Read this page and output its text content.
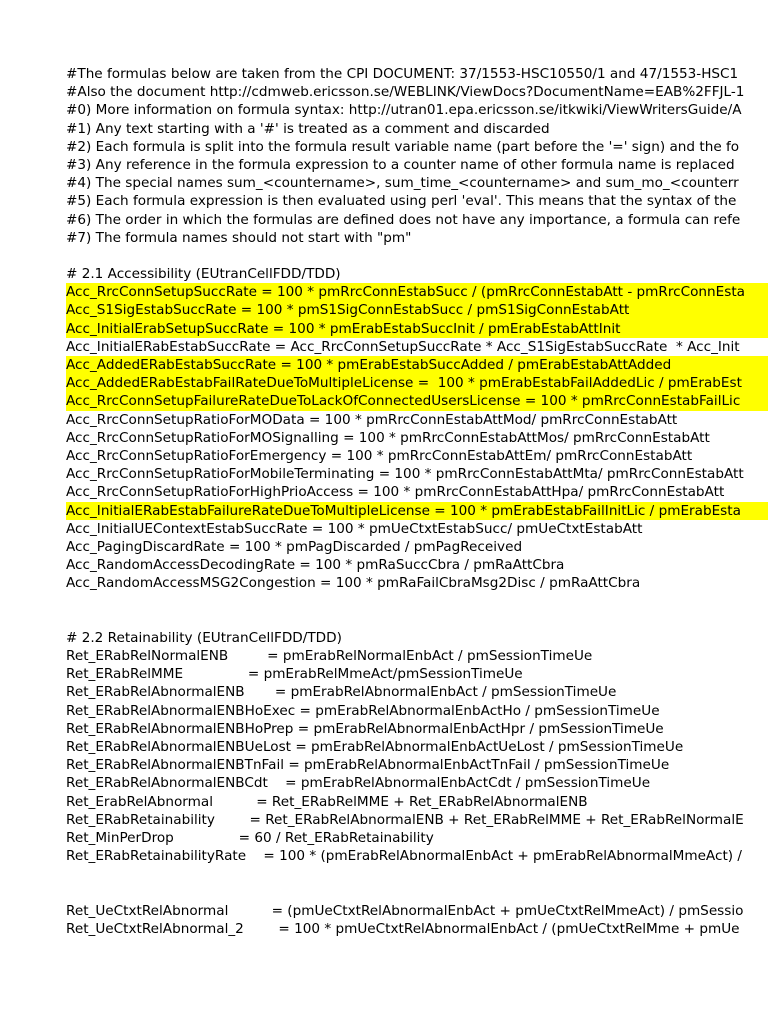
#The formulas below are taken from the CPI DOCUMENT: 37/1553-HSC10550/1 and 47/1553-HSC1
#Also the document http://cdmweb.ericsson.se/WEBLINK/ViewDocs?DocumentName=EAB%2FFJL-1
#0) More information on formula syntax: http://utran01.epa.ericsson.se/itkwiki/ViewWritersGuide/A
#1) Any text starting with a '#' is treated as a comment and discarded
#2) Each formula is split into the formula result variable name (part before the '=' sign) and the fo
#3) Any reference in the formula expression to a counter name of other formula name is replaced
#4) The special names sum_<countername>, sum_time_<countername> and sum_mo_<counterr
#5) Each formula expression is then evaluated using perl 'eval'. This means that the syntax of the
#6) The order in which the formulas are defined does not have any importance, a formula can refe
#7) The formula names should not start with "pm"
# 2.1 Accessibility (EUtranCellFDD/TDD)
Acc_RrcConnSetupSuccRate = 100 * pmRrcConnEstabSucc / (pmRrcConnEstabAtt - pmRrcConnEsta
Acc_S1SigEstabSuccRate = 100 * pmS1SigConnEstabSucc / pmS1SigConnEstabAtt
Acc_InitialErabSetupSuccRate = 100 * pmErabEstabSuccInit / pmErabEstabAttInit
Acc_InitialERabEstabSuccRate = Acc_RrcConnSetupSuccRate * Acc_S1SigEstabSuccRate  * Acc_Init
Acc_AddedERabEstabSuccRate = 100 * pmErabEstabSuccAdded / pmErabEstabAttAdded
Acc_AddedERabEstabFailRateDueToMultipleLicense =  100 * pmErabEstabFailAddedLic / pmErabEst
Acc_RrcConnSetupFailureRateDueToLackOfConnectedUsersLicense = 100 * pmRrcConnEstabFailLic
Acc_RrcConnSetupRatioForMOData = 100 * pmRrcConnEstabAttMod/ pmRrcConnEstabAtt
Acc_RrcConnSetupRatioForMOSignalling = 100 * pmRrcConnEstabAttMos/ pmRrcConnEstabAtt
Acc_RrcConnSetupRatioForEmergency = 100 * pmRrcConnEstabAttEm/ pmRrcConnEstabAtt
Acc_RrcConnSetupRatioForMobileTerminating = 100 * pmRrcConnEstabAttMta/ pmRrcConnEstabAtt
Acc_RrcConnSetupRatioForHighPrioAccess = 100 * pmRrcConnEstabAttHpa/ pmRrcConnEstabAtt
Acc_InitialERabEstabFailureRateDueToMultipleLicense = 100 * pmErabEstabFailInitLic / pmErabEsta
Acc_InitialUEContextEstabSuccRate = 100 * pmUeCtxtEstabSucc/ pmUeCtxtEstabAtt
Acc_PagingDiscardRate = 100 * pmPagDiscarded / pmPagReceived
Acc_RandomAccessDecodingRate = 100 * pmRaSuccCbra / pmRaAttCbra
Acc_RandomAccessMSG2Congestion = 100 * pmRaFailCbraMsg2Disc / pmRaAttCbra
# 2.2 Retainability (EUtranCellFDD/TDD)
Ret_ERabRelNormalENB         = pmErabRelNormalEnbAct / pmSessionTimeUe
Ret_ERabRelMME               = pmErabRelMmeAct/pmSessionTimeUe
Ret_ERabRelAbnormalENB       = pmErabRelAbnormalEnbAct / pmSessionTimeUe
Ret_ERabRelAbnormalENBHoExec = pmErabRelAbnormalEnbActHo / pmSessionTimeUe
Ret_ERabRelAbnormalENBHoPrep = pmErabRelAbnormalEnbActHpr / pmSessionTimeUe
Ret_ERabRelAbnormalENBUeLost = pmErabRelAbnormalEnbActUeLost / pmSessionTimeUe
Ret_ERabRelAbnormalENBTnFail = pmErabRelAbnormalEnbActTnFail / pmSessionTimeUe
Ret_ERabRelAbnormalENBCdt    = pmErabRelAbnormalEnbActCdt / pmSessionTimeUe
Ret_ErabRelAbnormal          = Ret_ERabRelMME + Ret_ERabRelAbnormalENB
Ret_ERabRetainability        = Ret_ERabRelAbnormalENB + Ret_ERabRelMME + Ret_ERabRelNormalE
Ret_MinPerDrop               = 60 / Ret_ERabRetainability
Ret_ERabRetainabilityRate    = 100 * (pmErabRelAbnormalEnbAct + pmErabRelAbnormalMmeAct) /
Ret_UeCtxtRelAbnormal          = (pmUeCtxtRelAbnormalEnbAct + pmUeCtxtRelMmeAct) / pmSessio
Ret_UeCtxtRelAbnormal_2        = 100 * pmUeCtxtRelAbnormalEnbAct / (pmUeCtxtRelMme + pmUe
